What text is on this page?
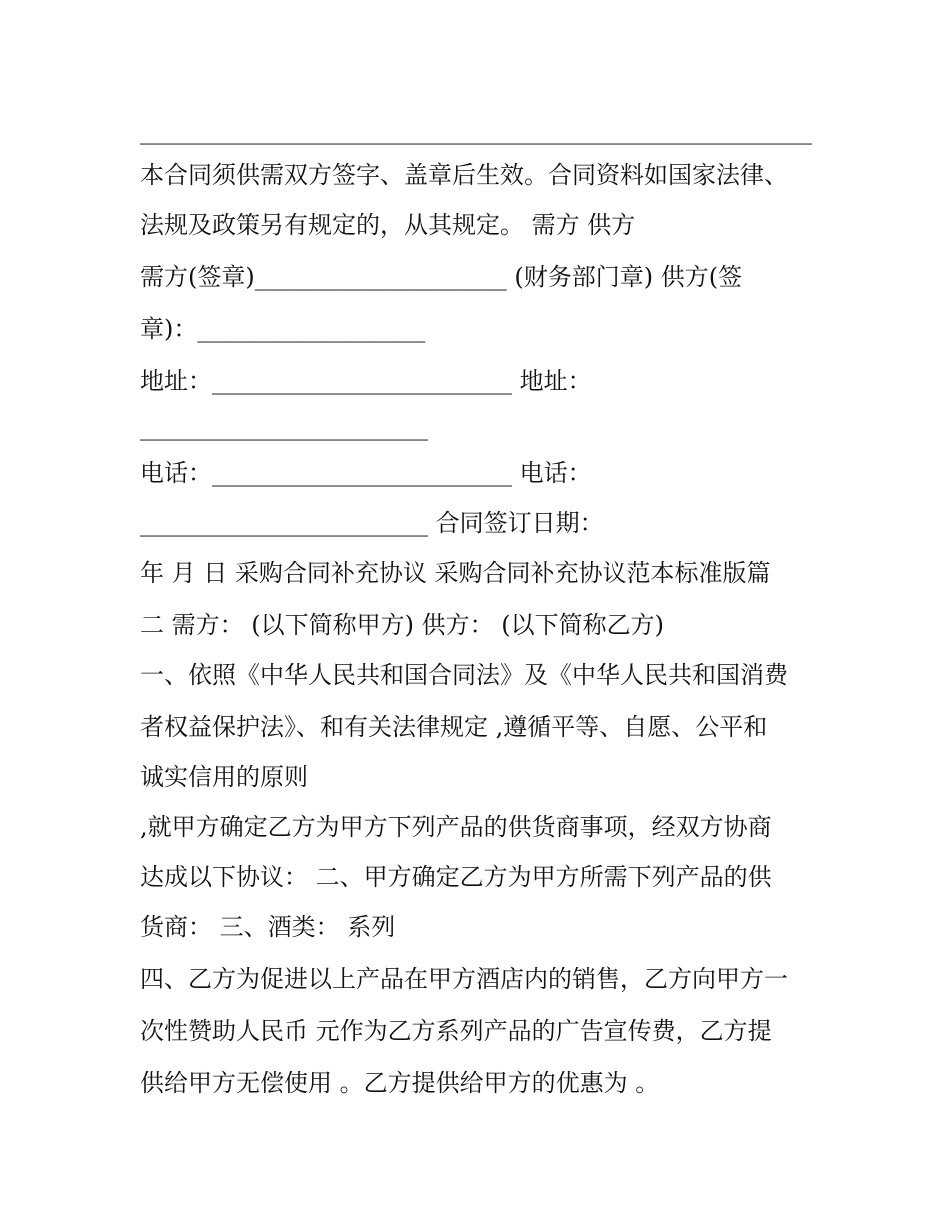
________________________________________________________
本合同须供需双方签字、盖章后生效。合同资料如国家法律、
法规及政策另有规定的，从其规定。 需方 供方
需方(签章)_____________________ (财务部门章) 供方(签
章)：___________________
地址：_________________________ 地址：
________________________
电话：_________________________ 电话：
________________________ 合同签订日期：
年 月 日 采购合同补充协议 采购合同补充协议范本标准版篇
二 需方： (以下简称甲方) 供方： (以下简称乙方)
一、依照《中华人民共和国合同法》及《中华人民共和国消费
者权益保护法》、和有关法律规定 ,遵循平等、自愿、公平和
诚实信用的原则
,就甲方确定乙方为甲方下列产品的供货商事项，经双方协商
达成以下协议： 二、甲方确定乙方为甲方所需下列产品的供
货商： 三、酒类： 系列
四、乙方为促进以上产品在甲方酒店内的销售，乙方向甲方一
次性赞助人民币 元作为乙方系列产品的广告宣传费，乙方提
供给甲方无偿使用 。乙方提供给甲方的优惠为 。
